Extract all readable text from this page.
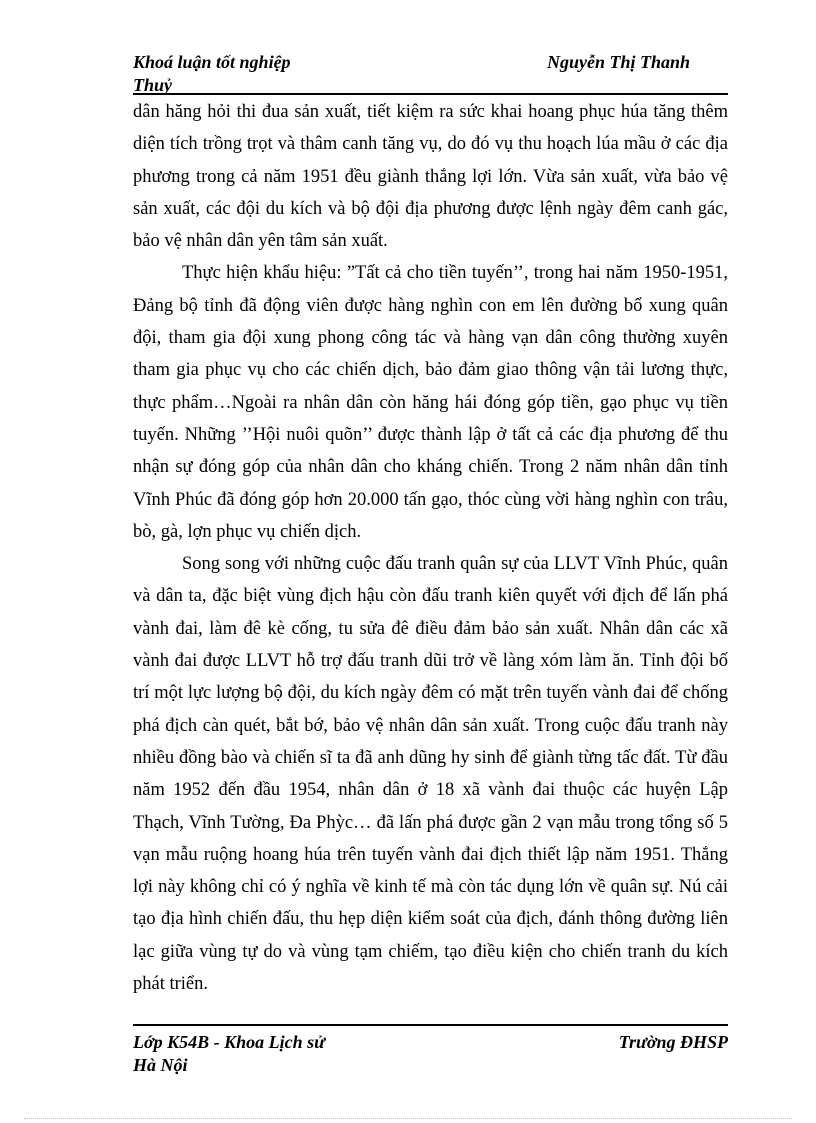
Khoá luận tốt nghiệp	Nguyễn Thị Thanh
Thuỷ

dân hăng hỏi thi đua sản xuất, tiết kiệm ra sức khai hoang phục húa tăng thêm diện tích trồng trọt và thâm canh tăng vụ, do đó vụ thu hoạch lúa mầu ở các địa phương trong cả năm 1951 đều giành thắng lợi lớn. Vừa sản xuất, vừa bảo vệ sản xuất, các đội du kích và bộ đội địa phương được lệnh ngày đêm canh gác, bảo vệ nhân dân yên tâm sản xuất.

Thực hiện khẩu hiệu: ”Tất cả cho tiền tuyến’’, trong hai năm 1950-1951, Đảng bộ tỉnh đã động viên được hàng nghìn con em lên đường bổ xung quân đội, tham gia đội xung phong công tác và hàng vạn dân công thường xuyên tham gia phục vụ cho các chiến dịch, bảo đảm giao thông vận tải lương thực, thực phẩm…Ngoài ra nhân dân còn hăng hái đóng góp tiền, gạo phục vụ tiền tuyến. Những ’’Hội nuôi quõn’’ được thành lập ở tất cả các địa phương để thu nhận sự đóng góp của nhân dân cho kháng chiến. Trong 2 năm nhân dân tỉnh Vĩnh Phúc đã đóng góp hơn 20.000 tấn gạo, thóc cùng vời hàng nghìn con trâu, bò, gà, lợn phục vụ chiến dịch.

Song song với những cuộc đấu tranh quân sự của LLVT Vĩnh Phúc, quân và dân ta, đặc biệt vùng địch hậu còn đấu tranh kiên quyết với địch để lấn phá vành đai, làm đê kè cống, tu sửa đê điều đảm bảo sản xuất. Nhân dân các xã vành đai được LLVT hỗ trợ đấu tranh dũi trở về làng xóm làm ăn. Tỉnh đội bố trí một lực lượng bộ đội, du kích ngày đêm có mặt trên tuyến vành đai để chống phá địch càn quét, bắt bớ, bảo vệ nhân dân sản xuất. Trong cuộc đấu tranh này nhiều đồng bào và chiến sĩ ta đã anh dũng hy sinh để giành từng tấc đất. Từ đầu năm 1952 đến đầu 1954, nhân dân ở 18 xã vành đai thuộc các huyện Lập Thạch, Vĩnh Tường, Đa Phỳc… đã lấn phá được gần 2 vạn mẫu trong tổng số 5 vạn mẫu ruộng hoang húa trên tuyến vành đai địch thiết lập năm 1951. Thắng lợi này không chỉ có ý nghĩa về kinh tế mà còn tác dụng lớn về quân sự. Nú cải tạo địa hình chiến đấu, thu hẹp diện kiểm soát của địch, đánh thông đường liên lạc giữa vùng tự do và vùng tạm chiếm, tạo điều kiện cho chiến tranh du kích phát triển.

Lớp K54B - Khoa Lịch sử	Trường ĐHSP
Hà Nội
